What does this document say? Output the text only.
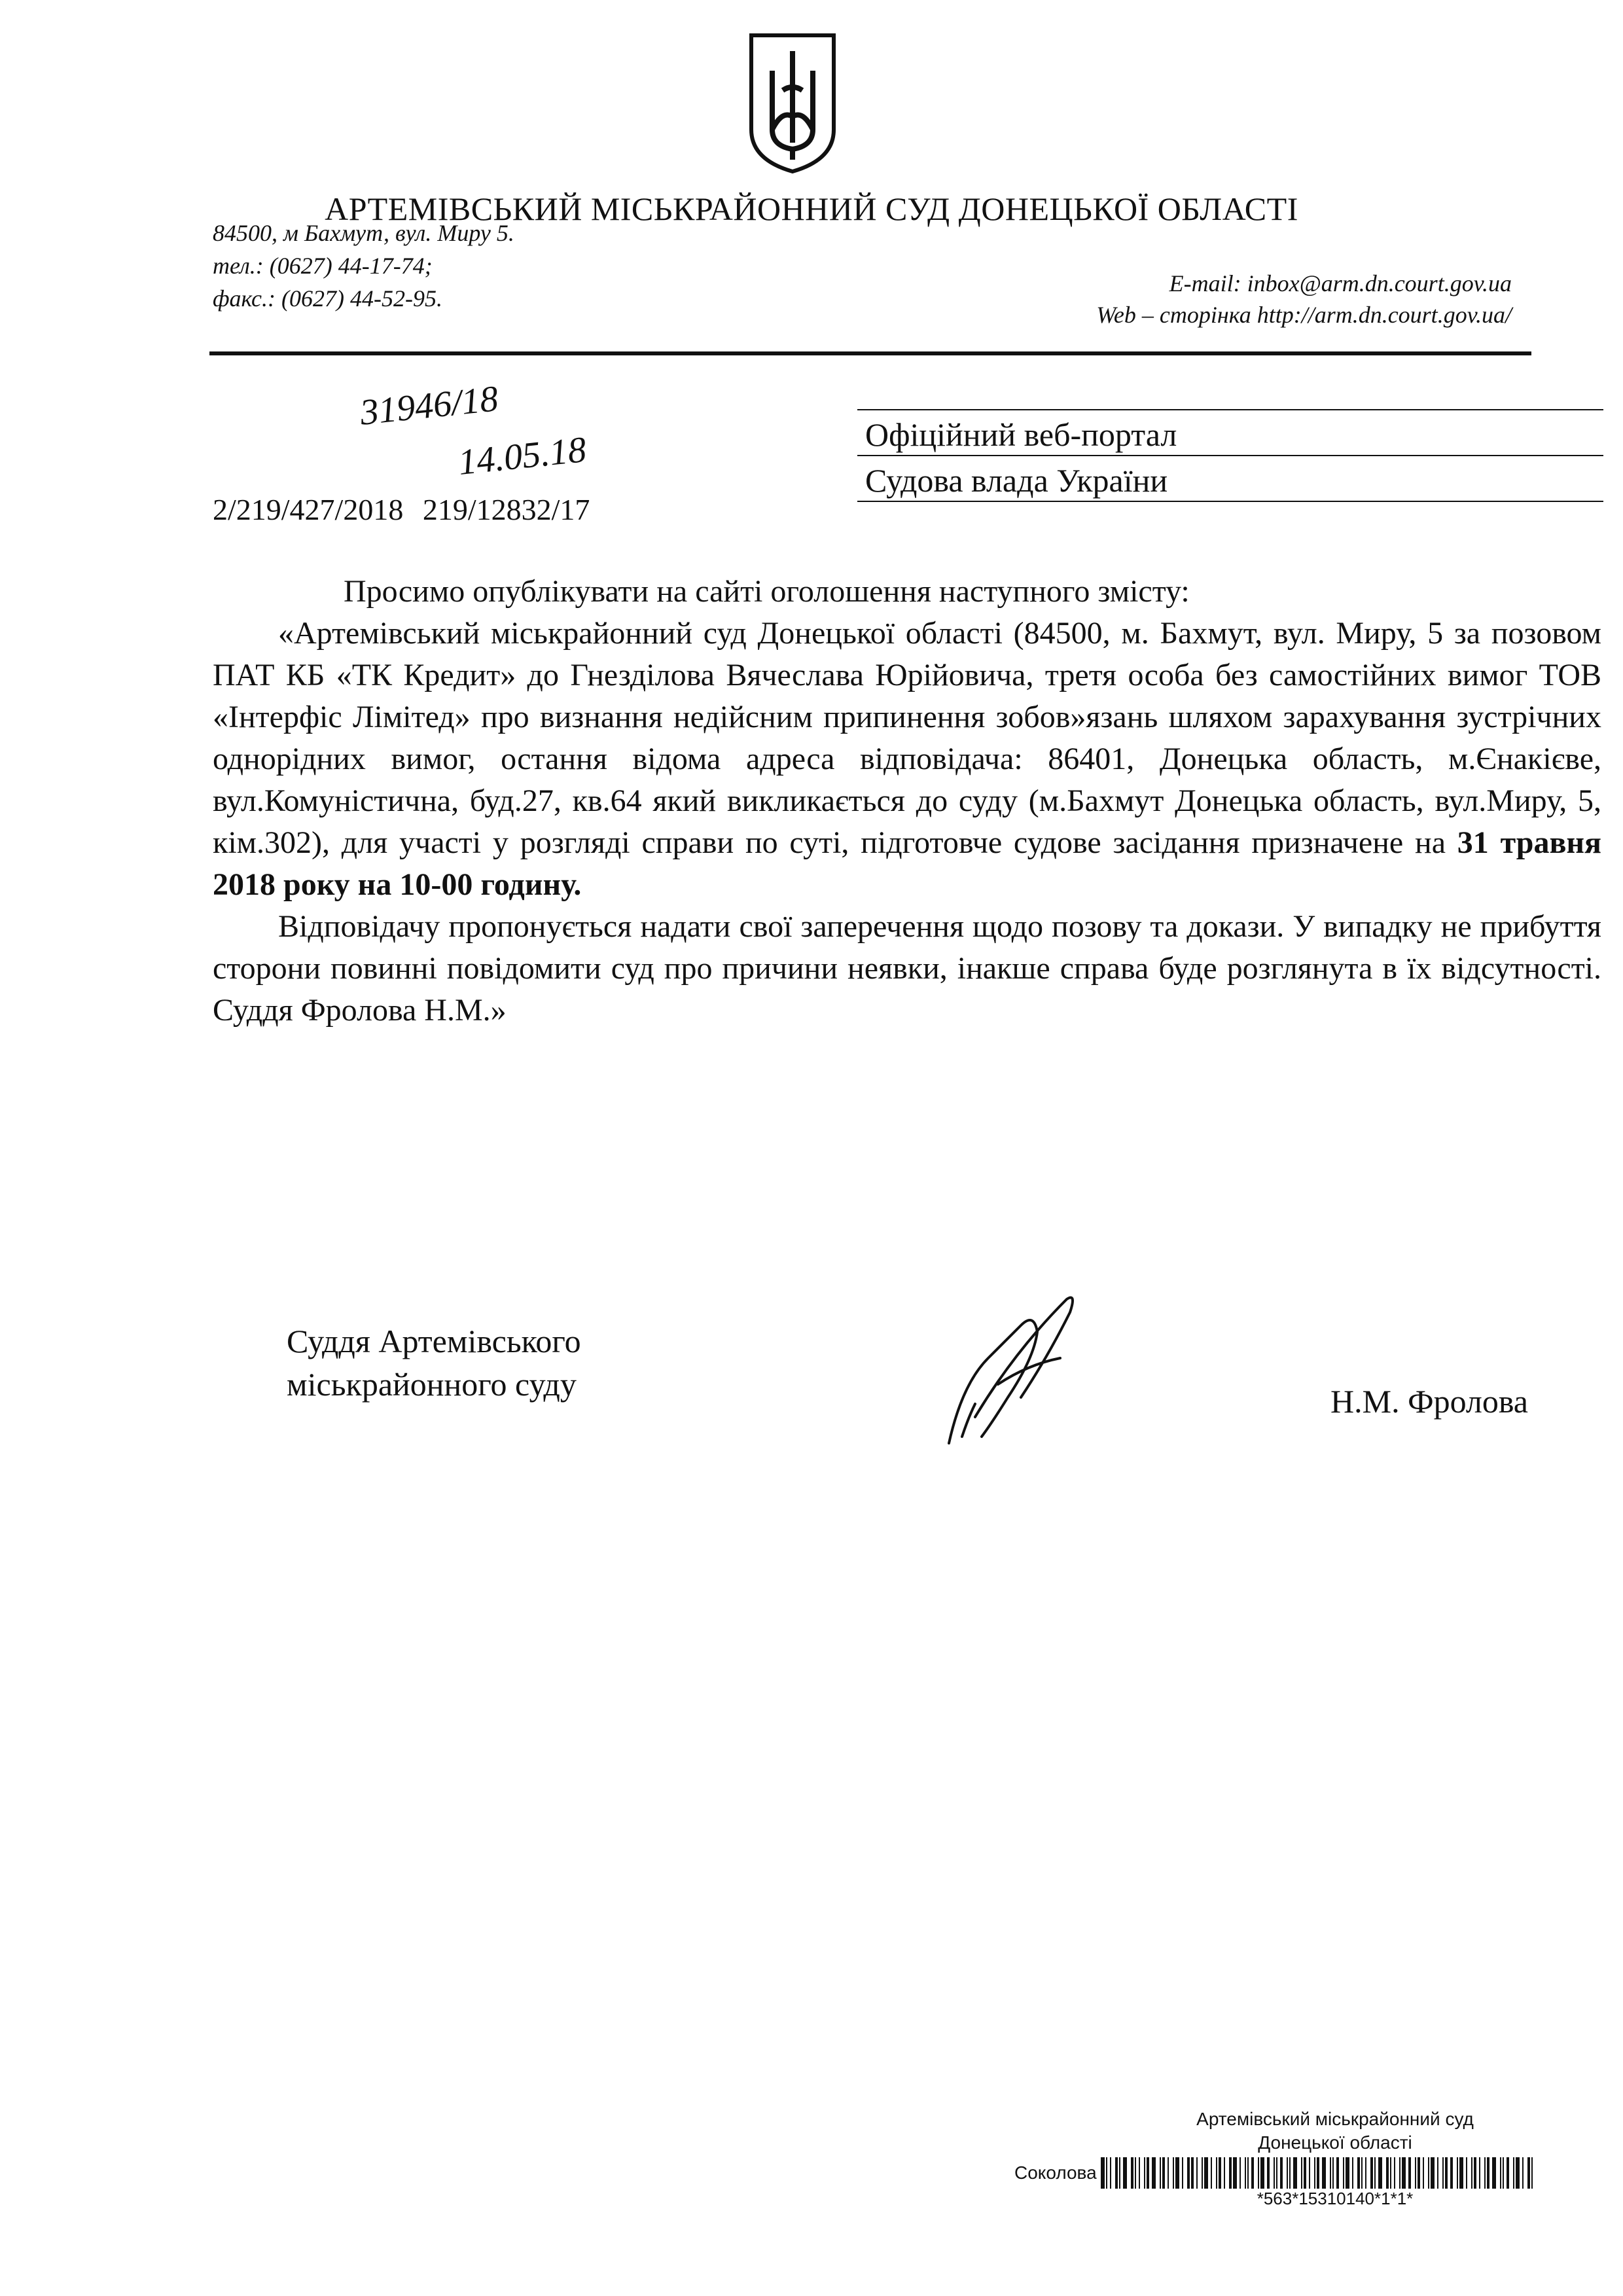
АРТЕМІВСЬКИЙ МІСЬКРАЙОННИЙ СУД ДОНЕЦЬКОЇ ОБЛАСТІ
84500, м Бахмут, вул. Миру 5.
тел.: (0627) 44-17-74;
факс.: (0627) 44-52-95.
E-mail: inbox@arm.dn.court.gov.ua
Web – сторінка http://arm.dn.court.gov.ua/
31946/18
14.05.18
2/219/427/2018 219/12832/17
Офіційний веб-портал
Судова влада України

Просимо опублікувати на сайті оголошення наступного змісту:

«Артемівський міськрайонний суд Донецької області (84500, м. Бахмут, вул. Миру, 5 за позовом ПАТ КБ «ТК Кредит» до Гнезділова Вячеслава Юрійовича, третя особа без самостійних вимог ТОВ «Інтерфіс Лімітед» про визнання недійсним припинення зобов»язань шляхом зарахування зустрічних однорідних вимог, остання відома адреса відповідача: 86401, Донецька область, м.Єнакієве, вул.Комуністична, буд.27, кв.64 який викликається до суду (м.Бахмут Донецька область, вул.Миру, 5, кім.302), для участі у розгляді справи по суті, підготовче судове засідання призначене на 31 травня 2018 року на 10-00 годину.

Відповідачу пропонується надати свої заперечення щодо позову та докази. У випадку не прибуття сторони повинні повідомити суд про причини неявки, інакше справа буде розглянута в їх відсутності. Суддя Фролова Н.М.»

Суддя Артемівського
міськрайонного суду	Н.М. Фролова
Артемівський міськрайонний суд
Донецької області
Соколова
*563*15310140*1*1*
